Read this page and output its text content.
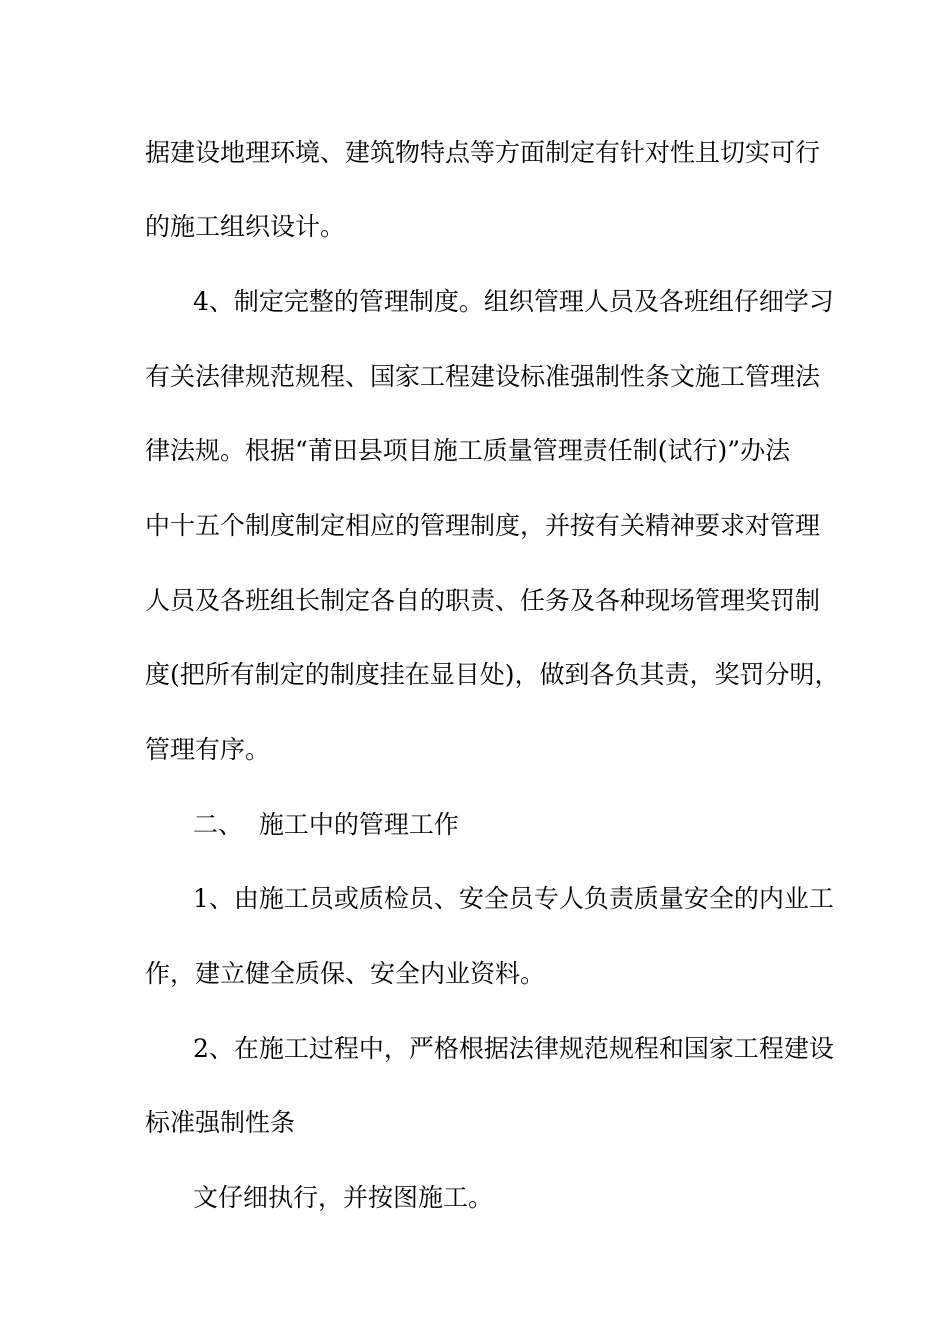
据建设地理环境、建筑物特点等方面制定有针对性且切实可行
的施工组织设计。
4、制定完整的管理制度。组织管理人员及各班组仔细学习
有关法律规范规程、国家工程建设标准强制性条文施工管理法
律法规。根据“莆田县项目施工质量管理责任制(试行)”办法
中十五个制度制定相应的管理制度，并按有关精神要求对管理
人员及各班组长制定各自的职责、任务及各种现场管理奖罚制
度(把所有制定的制度挂在显目处)，做到各负其责，奖罚分明，
管理有序。
二、  施工中的管理工作
1、由施工员或质检员、安全员专人负责质量安全的内业工
作，建立健全质保、安全内业资料。
2、在施工过程中，严格根据法律规范规程和国家工程建设
标准强制性条
文仔细执行，并按图施工。
